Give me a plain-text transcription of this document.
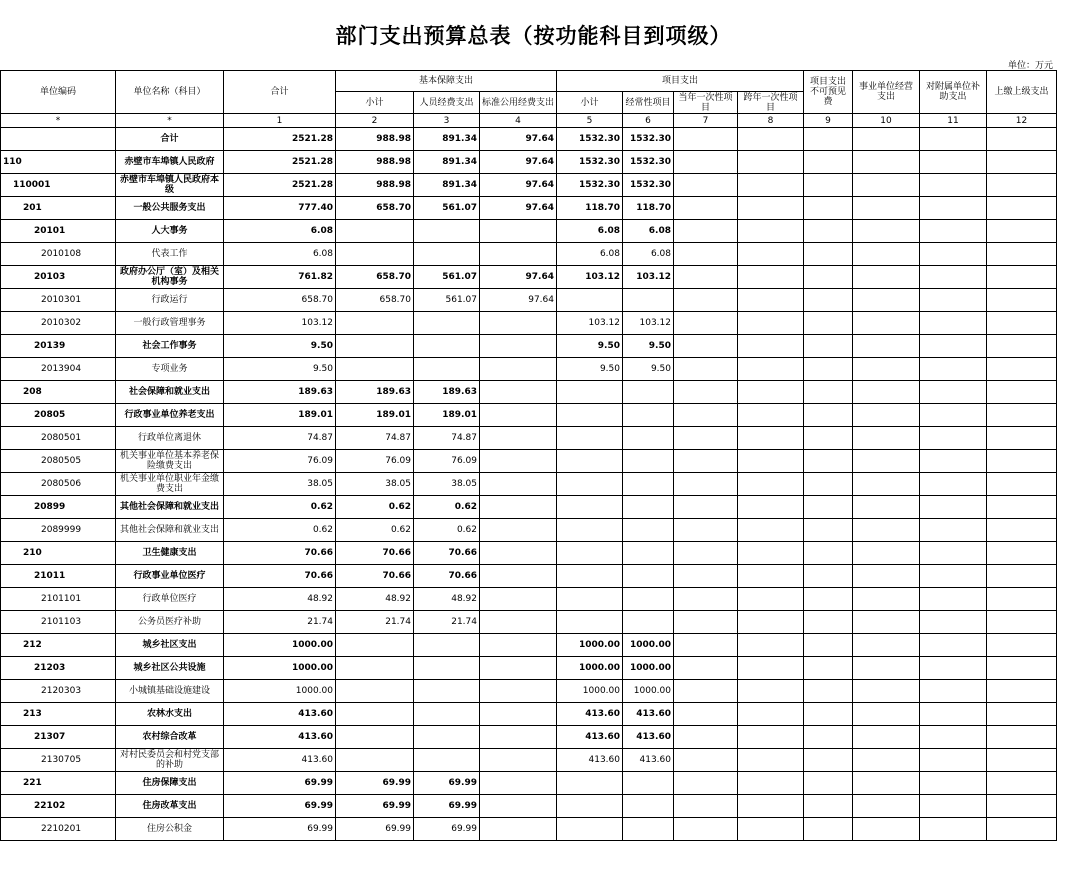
部门支出预算总表（按功能科目到项级）
单位：万元
单位编码	单位名称（科目）	合计	基本保障支出			项目支出				项目支出不可预见费	事业单位经营支出	对附属单位补助支出	上缴上级支出
			小计	人员经费支出	标准公用经费支出	小计	经常性项目	当年一次性项目	跨年一次性项目				
*	*	1	2	3	4	5	6	7	8	9	10	11	12
	合计	2521.28	988.98	891.34	97.64	1532.30	1532.30						
110	赤壁市车埠镇人民政府	2521.28	988.98	891.34	97.64	1532.30	1532.30						
110001	赤壁市车埠镇人民政府本级	2521.28	988.98	891.34	97.64	1532.30	1532.30						
201	一般公共服务支出	777.40	658.70	561.07	97.64	118.70	118.70						
20101	人大事务	6.08				6.08	6.08						
2010108	代表工作	6.08				6.08	6.08						
20103	政府办公厅（室）及相关机构事务	761.82	658.70	561.07	97.64	103.12	103.12						
2010301	行政运行	658.70	658.70	561.07	97.64								
2010302	一般行政管理事务	103.12				103.12	103.12						
20139	社会工作事务	9.50				9.50	9.50						
2013904	专项业务	9.50				9.50	9.50						
208	社会保障和就业支出	189.63	189.63	189.63									
20805	行政事业单位养老支出	189.01	189.01	189.01									
2080501	行政单位离退休	74.87	74.87	74.87									
2080505	机关事业单位基本养老保险缴费支出	76.09	76.09	76.09									
2080506	机关事业单位职业年金缴费支出	38.05	38.05	38.05									
20899	其他社会保障和就业支出	0.62	0.62	0.62									
2089999	其他社会保障和就业支出	0.62	0.62	0.62									
210	卫生健康支出	70.66	70.66	70.66									
21011	行政事业单位医疗	70.66	70.66	70.66									
2101101	行政单位医疗	48.92	48.92	48.92									
2101103	公务员医疗补助	21.74	21.74	21.74									
212	城乡社区支出	1000.00				1000.00	1000.00						
21203	城乡社区公共设施	1000.00				1000.00	1000.00						
2120303	小城镇基础设施建设	1000.00				1000.00	1000.00						
213	农林水支出	413.60				413.60	413.60						
21307	农村综合改革	413.60				413.60	413.60						
2130705	对村民委员会和村党支部的补助	413.60				413.60	413.60						
221	住房保障支出	69.99	69.99	69.99									
22102	住房改革支出	69.99	69.99	69.99									
2210201	住房公积金	69.99	69.99	69.99									
